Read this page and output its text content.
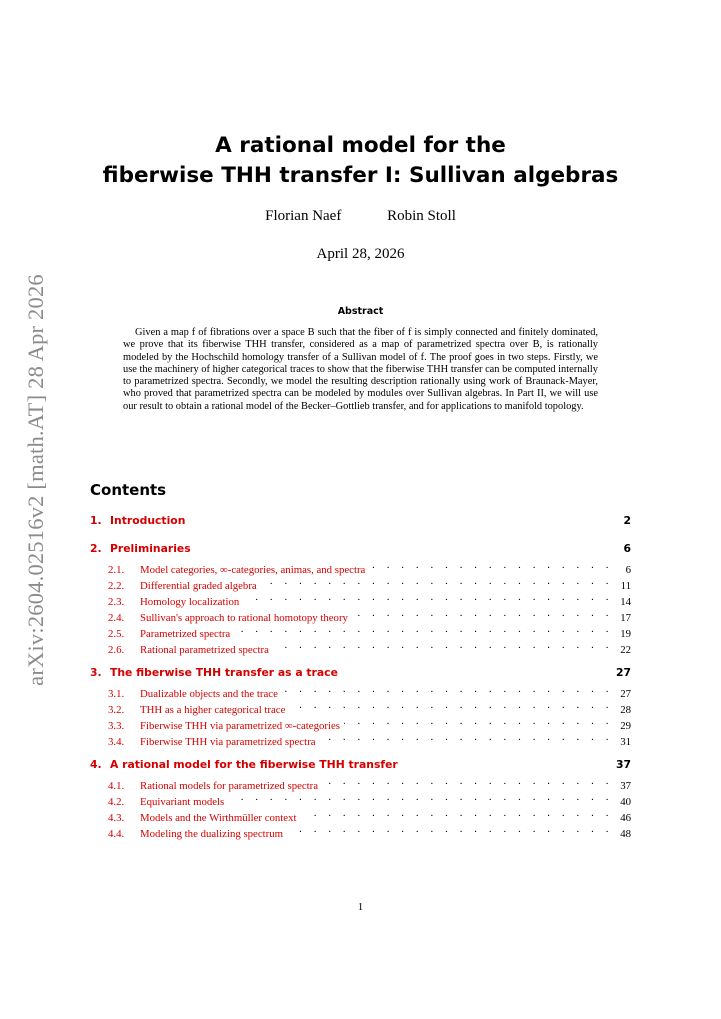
arXiv:2604.02516v2 [math.AT] 28 Apr 2026
A rational model for the
fiberwise THH transfer I: Sullivan algebras
Florian Naef	Robin Stoll
April 28, 2026
Abstract

Given a map f of fibrations over a space B such that the fiber of f is simply connected and finitely dominated, we prove that its fiberwise THH transfer, considered as a map of parametrized spectra over B, is rationally modeled by the Hochschild homology transfer of a Sullivan model of f. The proof goes in two steps. Firstly, we use the machinery of higher categorical traces to show that the fiberwise THH transfer can be computed internally to parametrized spectra. Secondly, we model the resulting description rationally using work of Braunack-Mayer, who proved that parametrized spectra can be modeled by modules over Sullivan algebras. In Part II, we will use our result to obtain a rational model of the Becker–Gottlieb transfer, and for applications to manifold topology.

Contents
1. Introduction	2
2. Preliminaries	6
2.1.	Model categories, ∞-categories, animas, and spectra . . .	6
2.2.	Differential graded algebra . . .	11
2.3.	Homology localization . . .	14
2.4.	Sullivan's approach to rational homotopy theory . . .	17
2.5.	Parametrized spectra . . .	19
2.6.	Rational parametrized spectra . . .	22
3. The fiberwise THH transfer as a trace	27
3.1.	Dualizable objects and the trace . . .	27
3.2.	THH as a higher categorical trace . . .	28
3.3.	Fiberwise THH via parametrized ∞-categories . . .	29
3.4.	Fiberwise THH via parametrized spectra . . .	31
4. A rational model for the fiberwise THH transfer	37
4.1.	Rational models for parametrized spectra . . .	37
4.2.	Equivariant models . . .	40
4.3.	Models and the Wirthmüller context . . .	46
4.4.	Modeling the dualizing spectrum . . .	48
1
